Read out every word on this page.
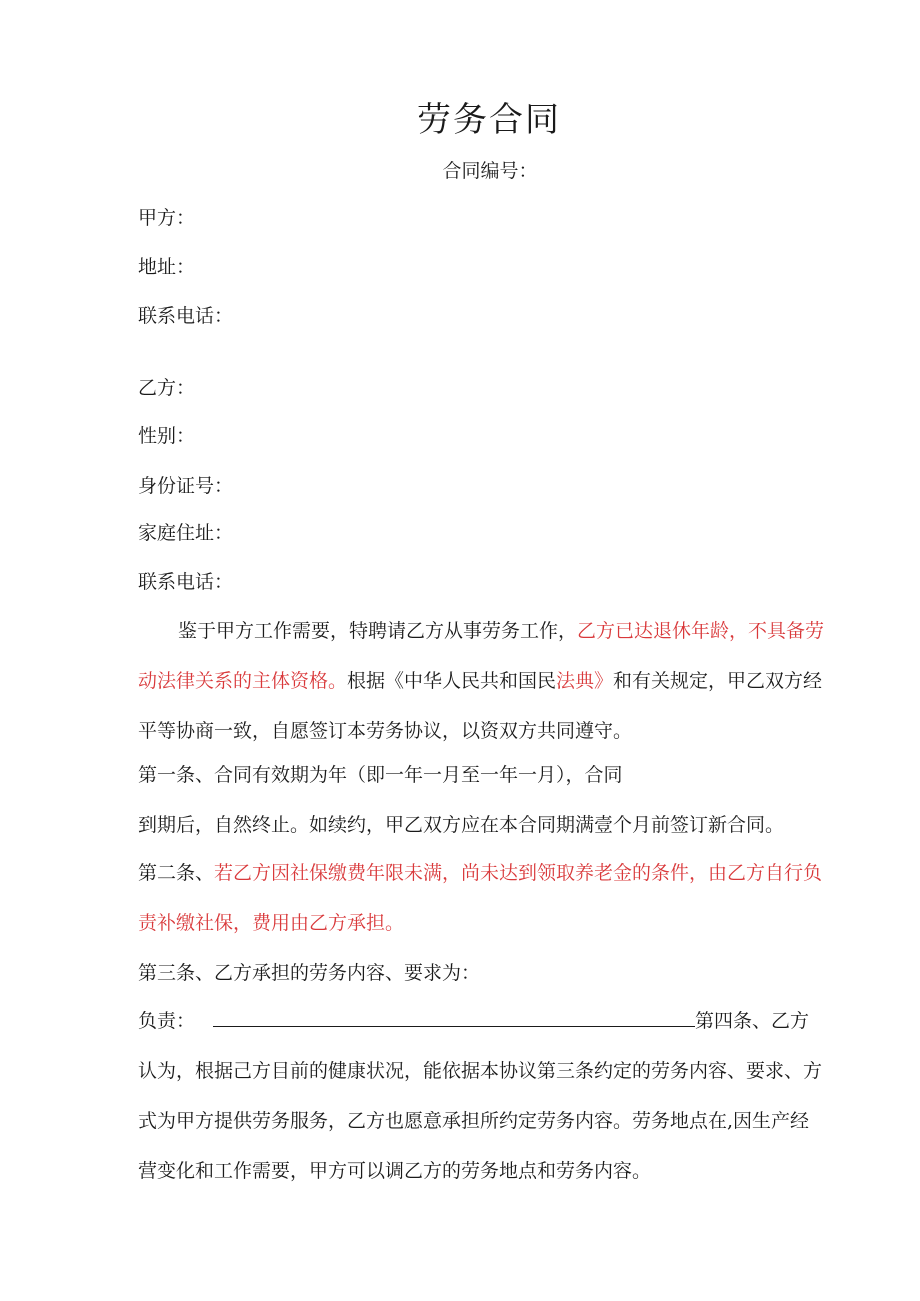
劳务合同
合同编号：
甲方：
地址：
联系电话：
乙方：
性别：
身份证号：
家庭住址：
联系电话：
鉴于甲方工作需要，特聘请乙方从事劳务工作，乙方已达退休年龄，不具备劳动法律关系的主体资格。根据《中华人民共和国民法典》和有关规定，甲乙双方经平等协商一致，自愿签订本劳务协议，以资双方共同遵守。
第一条、合同有效期为年（即一年一月至一年一月），合同
到期后，自然终止。如续约，甲乙双方应在本合同期满壹个月前签订新合同。
第二条、若乙方因社保缴费年限未满，尚未达到领取养老金的条件，由乙方自行负责补缴社保，费用由乙方承担。
第三条、乙方承担的劳务内容、要求为：
负责：	第四条、乙方认为，根据己方目前的健康状况，能依据本协议第三条约定的劳务内容、要求、方式为甲方提供劳务服务，乙方也愿意承担所约定劳务内容。劳务地点在,因生产经营变化和工作需要，甲方可以调乙方的劳务地点和劳务内容。
